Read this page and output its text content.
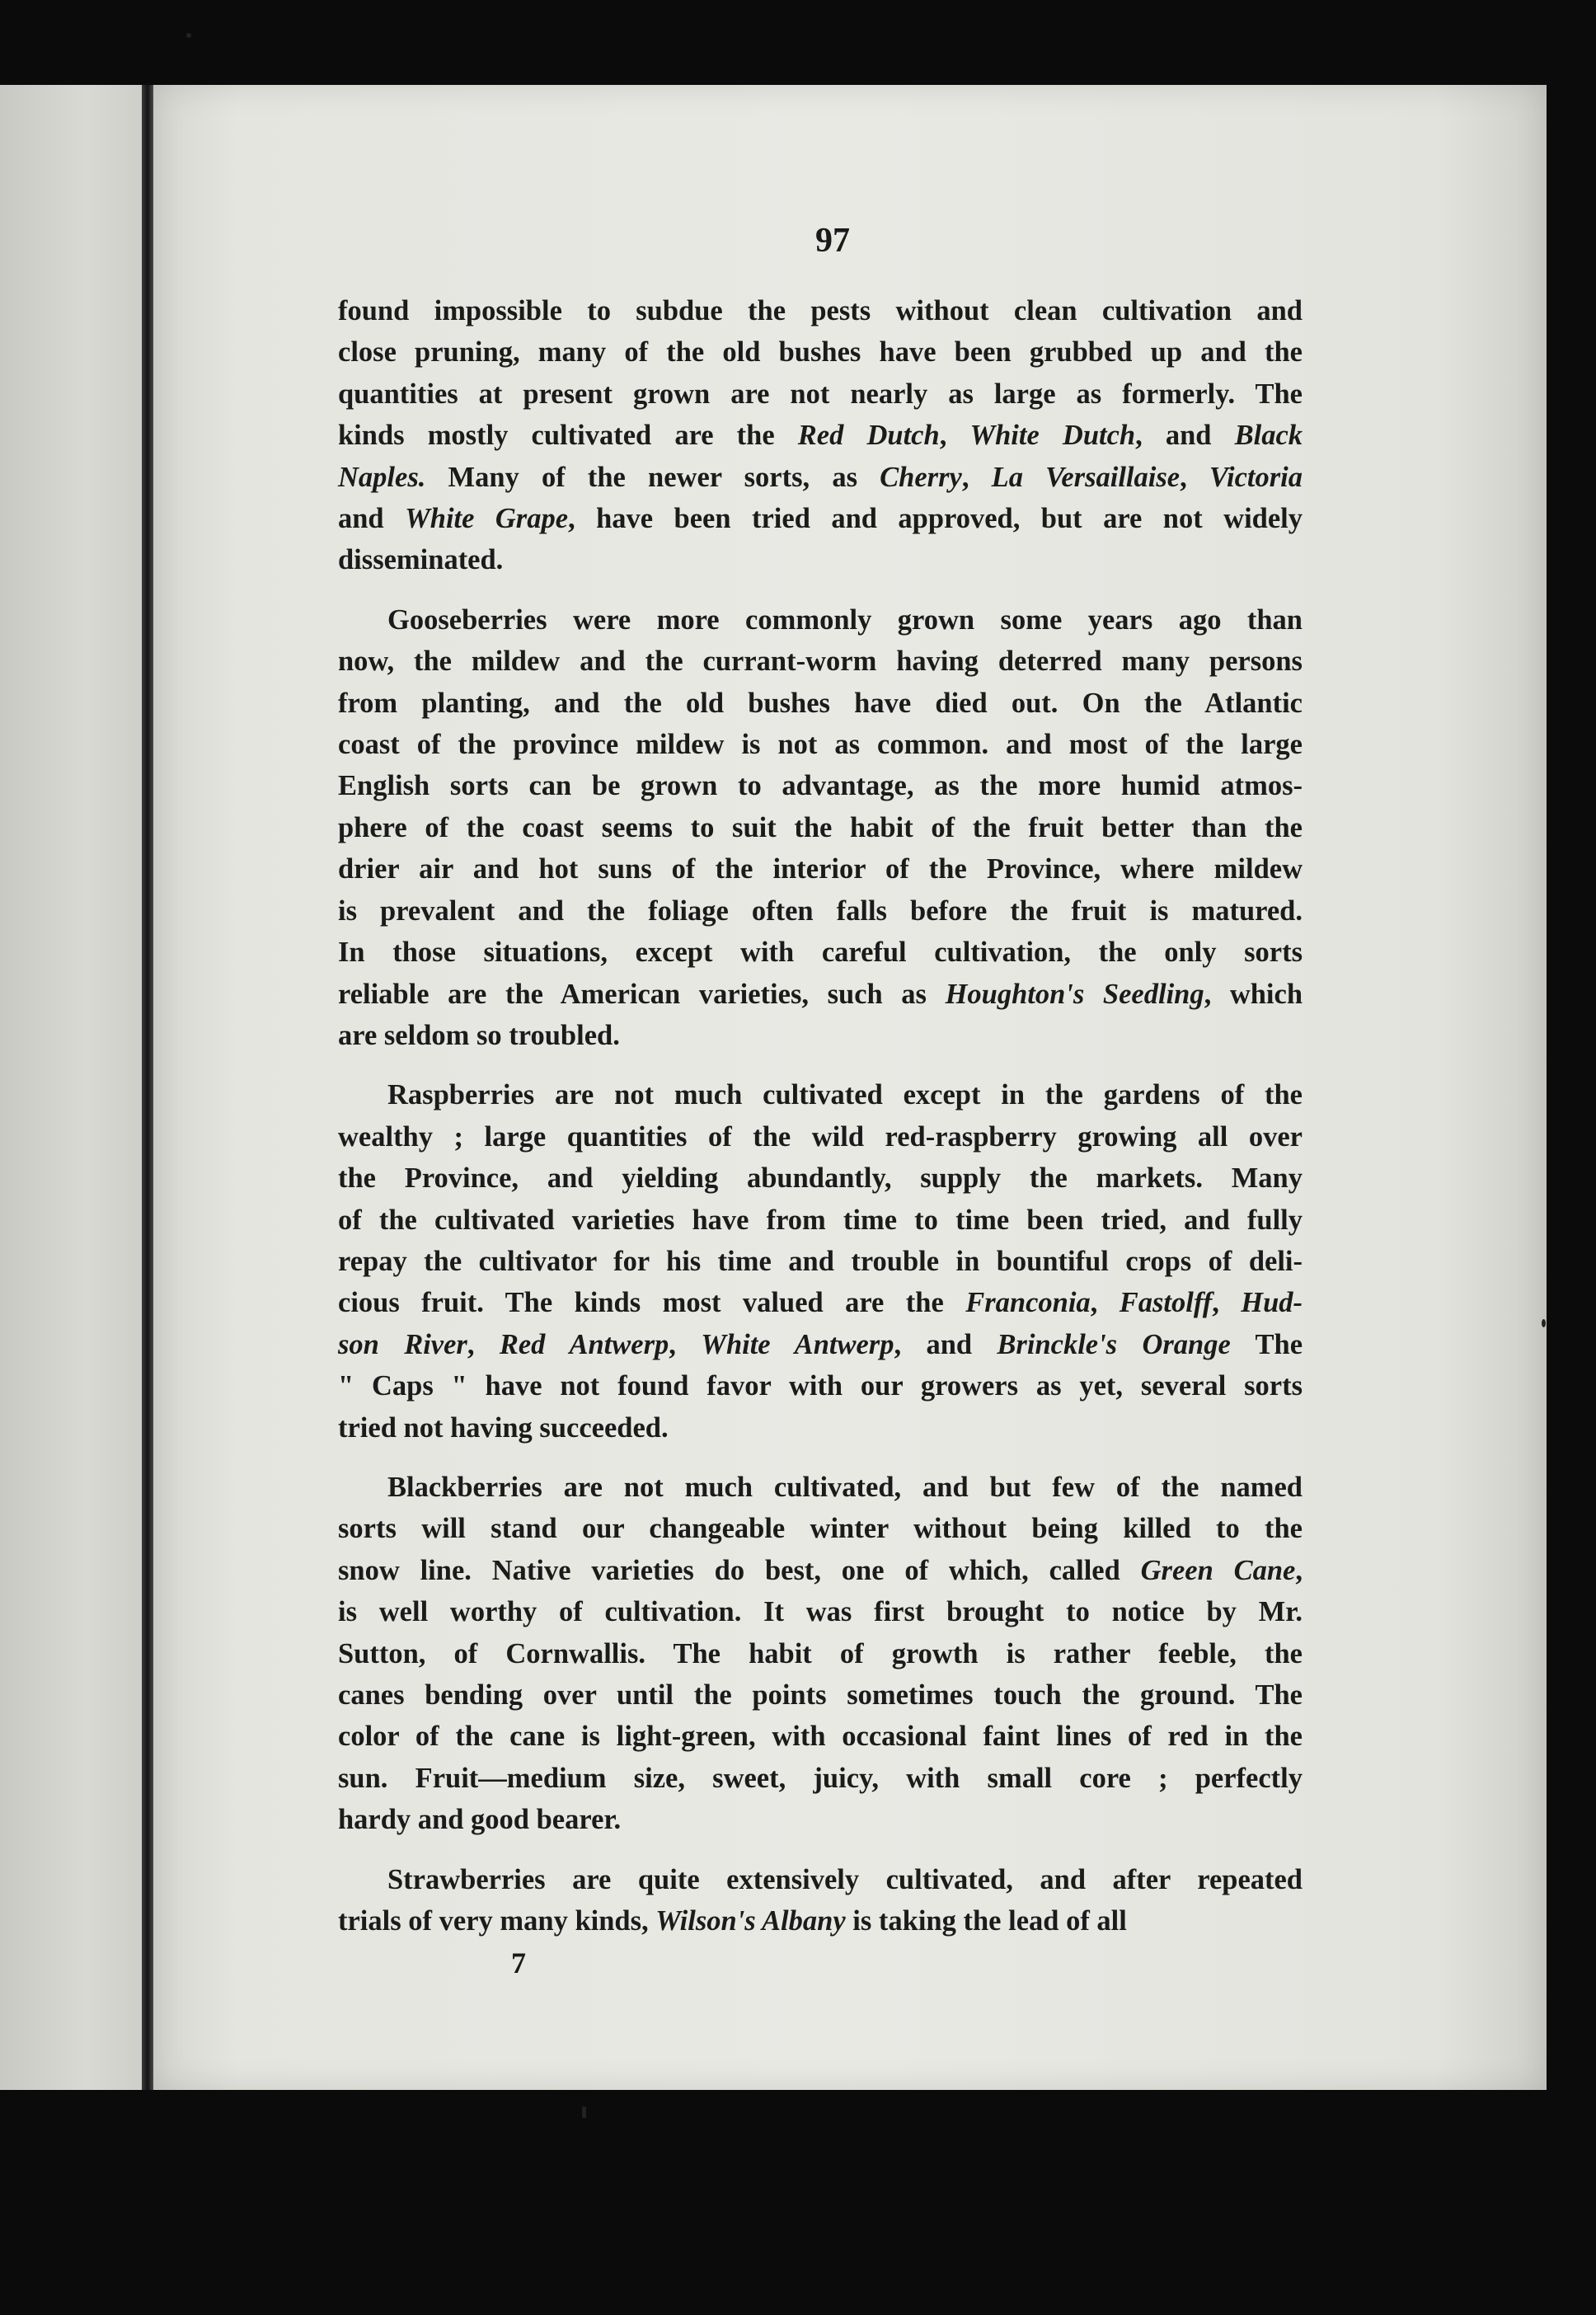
97

found impossible to subdue the pests without clean cultivation and

close pruning, many of the old bushes have been grubbed up and the

quantities at present grown are not nearly as large as formerly. The

kinds mostly cultivated are the Red Dutch, White Dutch, and Black

Naples. Many of the newer sorts, as Cherry, La Versaillaise, Victoria

and White Grape, have been tried and approved, but are not widely

disseminated.

Gooseberries were more commonly grown some years ago than

now, the mildew and the currant-worm having deterred many persons

from planting, and the old bushes have died out. On the Atlantic

coast of the province mildew is not as common. and most of the large

English sorts can be grown to advantage, as the more humid atmos-

phere of the coast seems to suit the habit of the fruit better than the

drier air and hot suns of the interior of the Province, where mildew

is prevalent and the foliage often falls before the fruit is matured.

In those situations, except with careful cultivation, the only sorts

reliable are the American varieties, such as Houghton's Seedling, which

are seldom so troubled.

Raspberries are not much cultivated except in the gardens of the

wealthy ; large quantities of the wild red-raspberry growing all over

the Province, and yielding abundantly, supply the markets. Many

of the cultivated varieties have from time to time been tried, and fully

repay the cultivator for his time and trouble in bountiful crops of deli-

cious fruit. The kinds most valued are the Franconia, Fastolff, Hud-

son River, Red Antwerp, White Antwerp, and Brinckle's Orange The

" Caps " have not found favor with our growers as yet, several sorts

tried not having succeeded.

Blackberries are not much cultivated, and but few of the named

sorts will stand our changeable winter without being killed to the

snow line. Native varieties do best, one of which, called Green Cane,

is well worthy of cultivation. It was first brought to notice by Mr.

Sutton, of Cornwallis. The habit of growth is rather feeble, the

canes bending over until the points sometimes touch the ground. The

color of the cane is light-green, with occasional faint lines of red in the

sun. Fruit—medium size, sweet, juicy, with small core ; perfectly

hardy and good bearer.

Strawberries are quite extensively cultivated, and after repeated

trials of very many kinds, Wilson's Albany is taking the lead of all

7
